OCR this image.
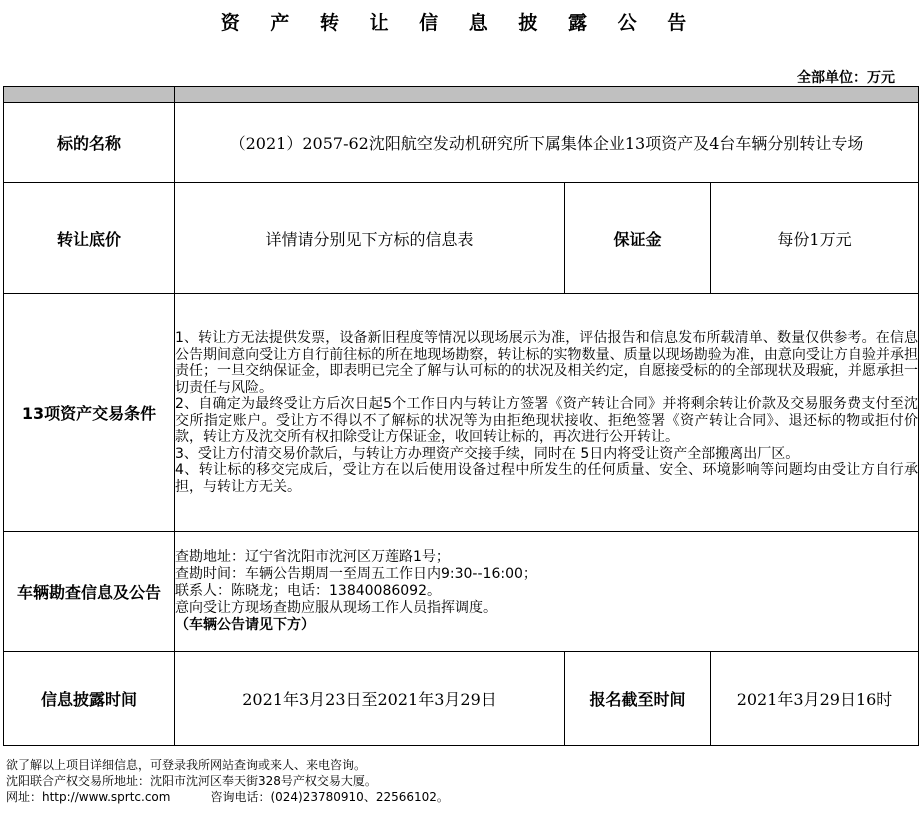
资 产 转 让 信 息 披 露 公 告
全部单位：万元

标的名称	（2021）2057-62沈阳航空发动机研究所下属集体企业13项资产及4台车辆分别转让专场		
转让底价	详情请分别见下方标的信息表	保证金	每份1万元
13项资产交易条件	1、转让方无法提供发票，设备新旧程度等情况以现场展示为准，评估报告和信息发布所载清单、数量仅供参考。在信息公告期间意向受让方自行前往标的所在地现场勘察，转让标的实物数量、质量以现场勘验为准，由意向受让方自验并承担责任；一旦交纳保证金，即表明已完全了解与认可标的的状况及相关约定，自愿接受标的的全部现状及瑕疵，并愿承担一切责任与风险。
2、自确定为最终受让方后次日起5个工作日内与转让方签署《资产转让合同》并将剩余转让价款及交易服务费支付至沈交所指定账户。受让方不得以不了解标的状况等为由拒绝现状接收、拒绝签署《资产转让合同》、退还标的物或拒付价款，转让方及沈交所有权扣除受让方保证金，收回转让标的，再次进行公开转让。
3、受让方付清交易价款后，与转让方办理资产交接手续，同时在 5日内将受让资产全部搬离出厂区。
4、转让标的移交完成后，受让方在以后使用设备过程中所发生的任何质量、安全、环境影响等问题均由受让方自行承担，与转让方无关。		

车辆勘查信息及公告	查勘地址：辽宁省沈阳市沈河区万莲路1号；
查勘时间：车辆公告期周一至周五工作日内9:30--16:00；
联系人：陈晓龙；电话：13840086092。
意向受让方现场查勘应服从现场工作人员指挥调度。
（车辆公告请见下方）		

信息披露时间	2021年3月23日至2021年3月29日	报名截至时间	2021年3月29日16时
欲了解以上项目详细信息，可登录我所网站查询或来人、来电咨询。
沈阳联合产权交易所地址：沈阳市沈河区奉天街328号产权交易大厦。
网址：http://www.sprtc.com	咨询电话：(024)23780910、22566102。
